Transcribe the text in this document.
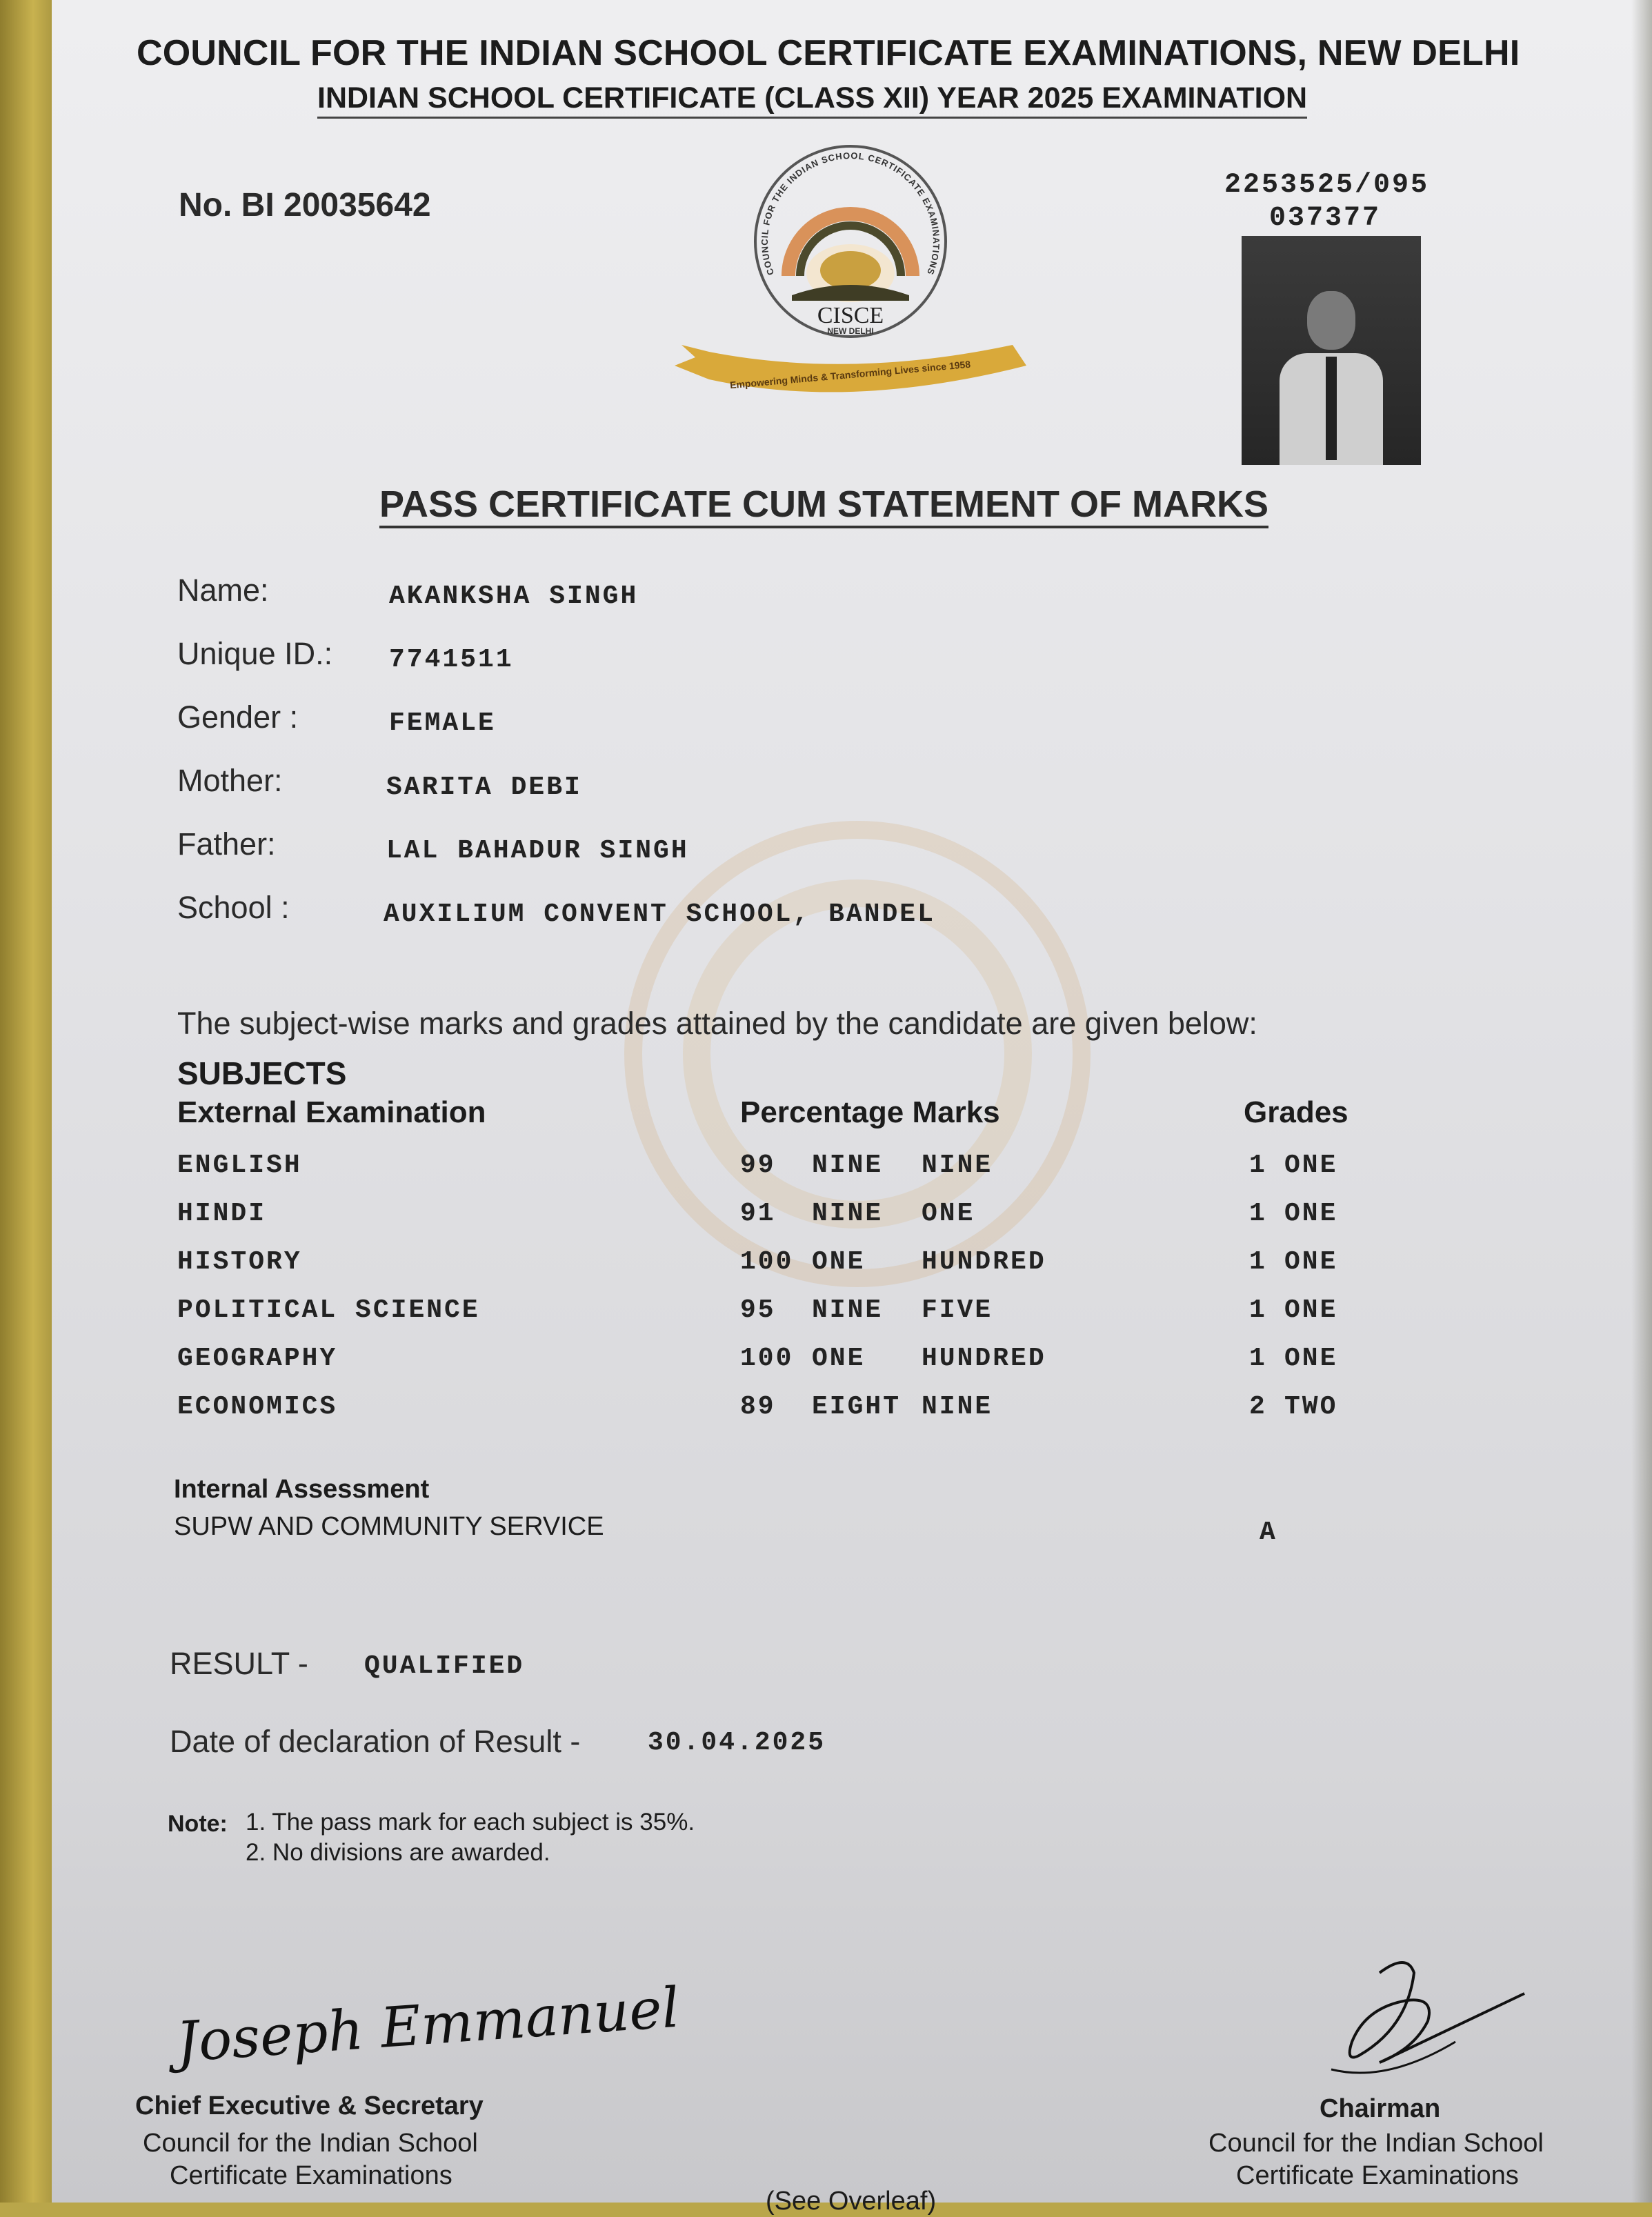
COUNCIL FOR THE INDIAN SCHOOL CERTIFICATE EXAMINATIONS, NEW DELHI
INDIAN SCHOOL CERTIFICATE (CLASS XII) YEAR 2025 EXAMINATION
No. BI 20035642
2253525/095
037377
COUNCIL FOR THE INDIAN SCHOOL CERTIFICATE EXAMINATIONS
CISCE
NEW DELHI
Empowering Minds & Transforming Lives since 1958
PASS CERTIFICATE CUM STATEMENT OF MARKS
Name:	AKANKSHA SINGH
Unique ID.: 7741511
Gender :	FEMALE
Mother:	SARITA DEBI
Father:	LAL BAHADUR SINGH
School :	AUXILIUM CONVENT SCHOOL, BANDEL
The subject-wise marks and grades attained by the candidate are given below:
SUBJECTS
External Examination	Percentage Marks	Grades
ENGLISH	99 NINE NINE	1 ONE
HINDI	91 NINE ONE	1 ONE
HISTORY	100 ONE HUNDRED	1 ONE
POLITICAL SCIENCE	95 NINE FIVE	1 ONE
GEOGRAPHY	100 ONE HUNDRED	1 ONE
ECONOMICS	89 EIGHT NINE	2 TWO
Internal Assessment
SUPW AND COMMUNITY SERVICE	A
RESULT - QUALIFIED
Date of declaration of Result -	30.04.2025
Note: 1. The pass mark for each subject is 35%.
2. No divisions are awarded.
Joseph Emmanuel
Chief Executive & Secretary
Council for the Indian School
Certificate Examinations
Chairman
Council for the Indian School
Certificate Examinations
(See Overleaf)
